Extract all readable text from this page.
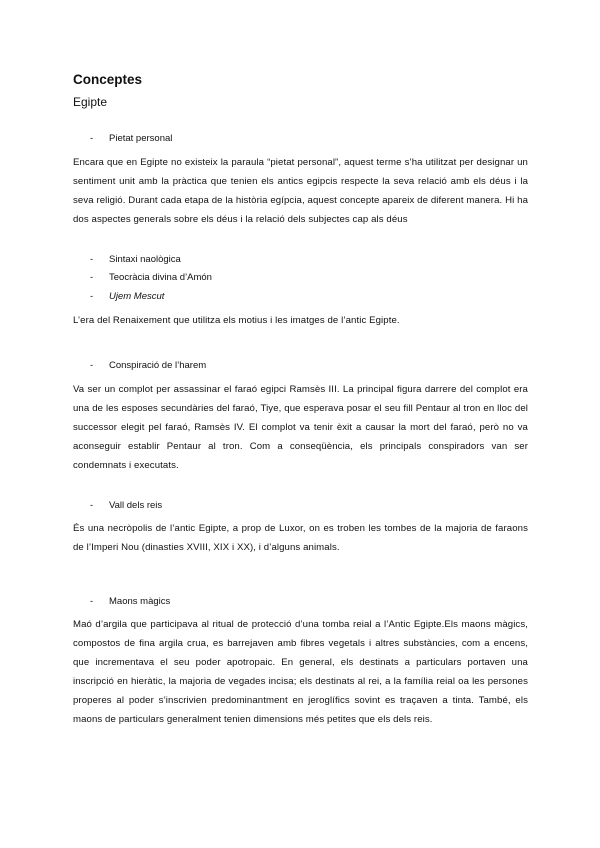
Conceptes
Egipte
- Pietat personal
Encara que en Egipte no existeix la paraula “pietat personal”, aquest terme s’ha utilitzat per designar un sentiment unit amb la pràctica que tenien els antics egipcis respecte la seva relació amb els déus i la seva religió. Durant cada etapa de la història egípcia, aquest concepte apareix de diferent manera. Hi ha dos aspectes generals sobre els déus i la relació dels subjectes cap als déus
- Sintaxi naològica
- Teocràcia divina d’Amón
- Ujem Mescut
L’era del Renaixement que utilitza els motius i les imatges de l’antic Egipte.
- Conspiració de l’harem
Va ser un complot per assassinar el faraó egipci Ramsès III. La principal figura darrere del complot era una de les esposes secundàries del faraó, Tiye, que esperava posar el seu fill Pentaur al tron en lloc del successor elegit pel faraó, Ramsès IV. El complot va tenir èxit a causar la mort del faraó, però no va aconseguir establir Pentaur al tron. Com a conseqüència, els principals conspiradors van ser condemnats i executats.
- Vall dels reis
És una necròpolis de l’antic Egipte, a prop de Luxor, on es troben les tombes de la majoria de faraons de l’Imperi Nou (dinasties XVIII, XIX i XX), i d’alguns animals.
- Maons màgics
Maó d’argila que participava al ritual de protecció d’una tomba reial a l’Antic Egipte.Els maons màgics, compostos de fina argila crua, es barrejaven amb fibres vegetals i altres substàncies, com a encens, que incrementava el seu poder apotropaic. En general, els destinats a particulars portaven una inscripció en hieràtic, la majoria de vegades incisa; els destinats al rei, a la família reial oa les persones properes al poder s’inscrivien predominantment en jeroglífics sovint es traçaven a tinta. També, els maons de particulars generalment tenien dimensions més petites que els dels reis.
